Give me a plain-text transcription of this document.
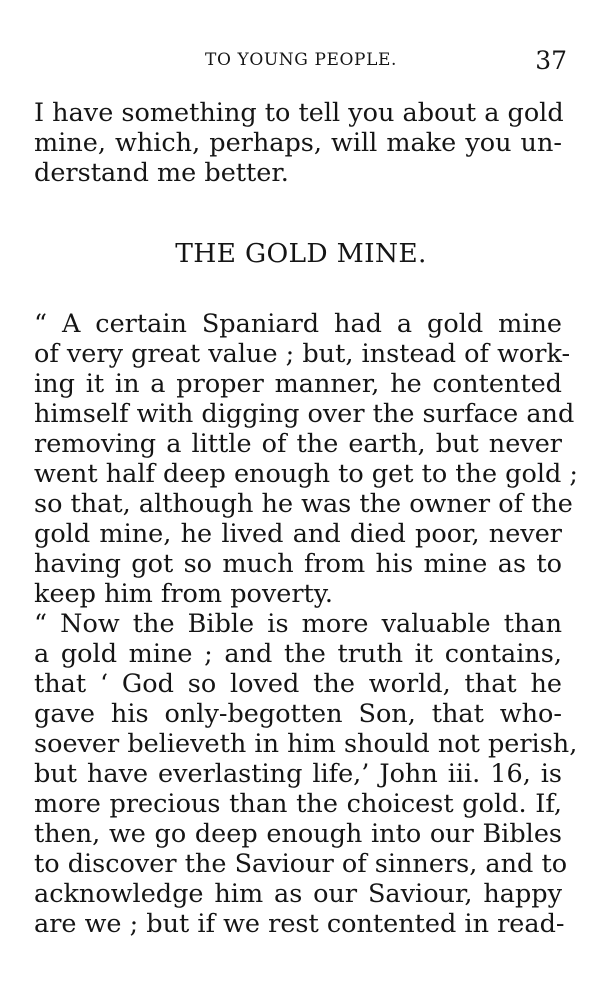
TO YOUNG PEOPLE.	37
I have something to tell you about a gold
mine, which, perhaps, will make you un-
derstand me better.
THE GOLD MINE.
“ A certain Spaniard had a gold mine
of very great value ; but, instead of work-
ing it in a proper manner, he contented
himself with digging over the surface and
removing a little of the earth, but never
went half deep enough to get to the gold ;
so that, although he was the owner of the
gold mine, he lived and died poor, never
having got so much from his mine as to
keep him from poverty.
“ Now the Bible is more valuable than
a gold mine ; and the truth it contains,
that ‘ God so loved the world, that he
gave his only-begotten Son, that who-
soever believeth in him should not perish,
but have everlasting life,’ John iii. 16, is
more precious than the choicest gold. If,
then, we go deep enough into our Bibles
to discover the Saviour of sinners, and to
acknowledge him as our Saviour, happy
are we ; but if we rest contented in read-
